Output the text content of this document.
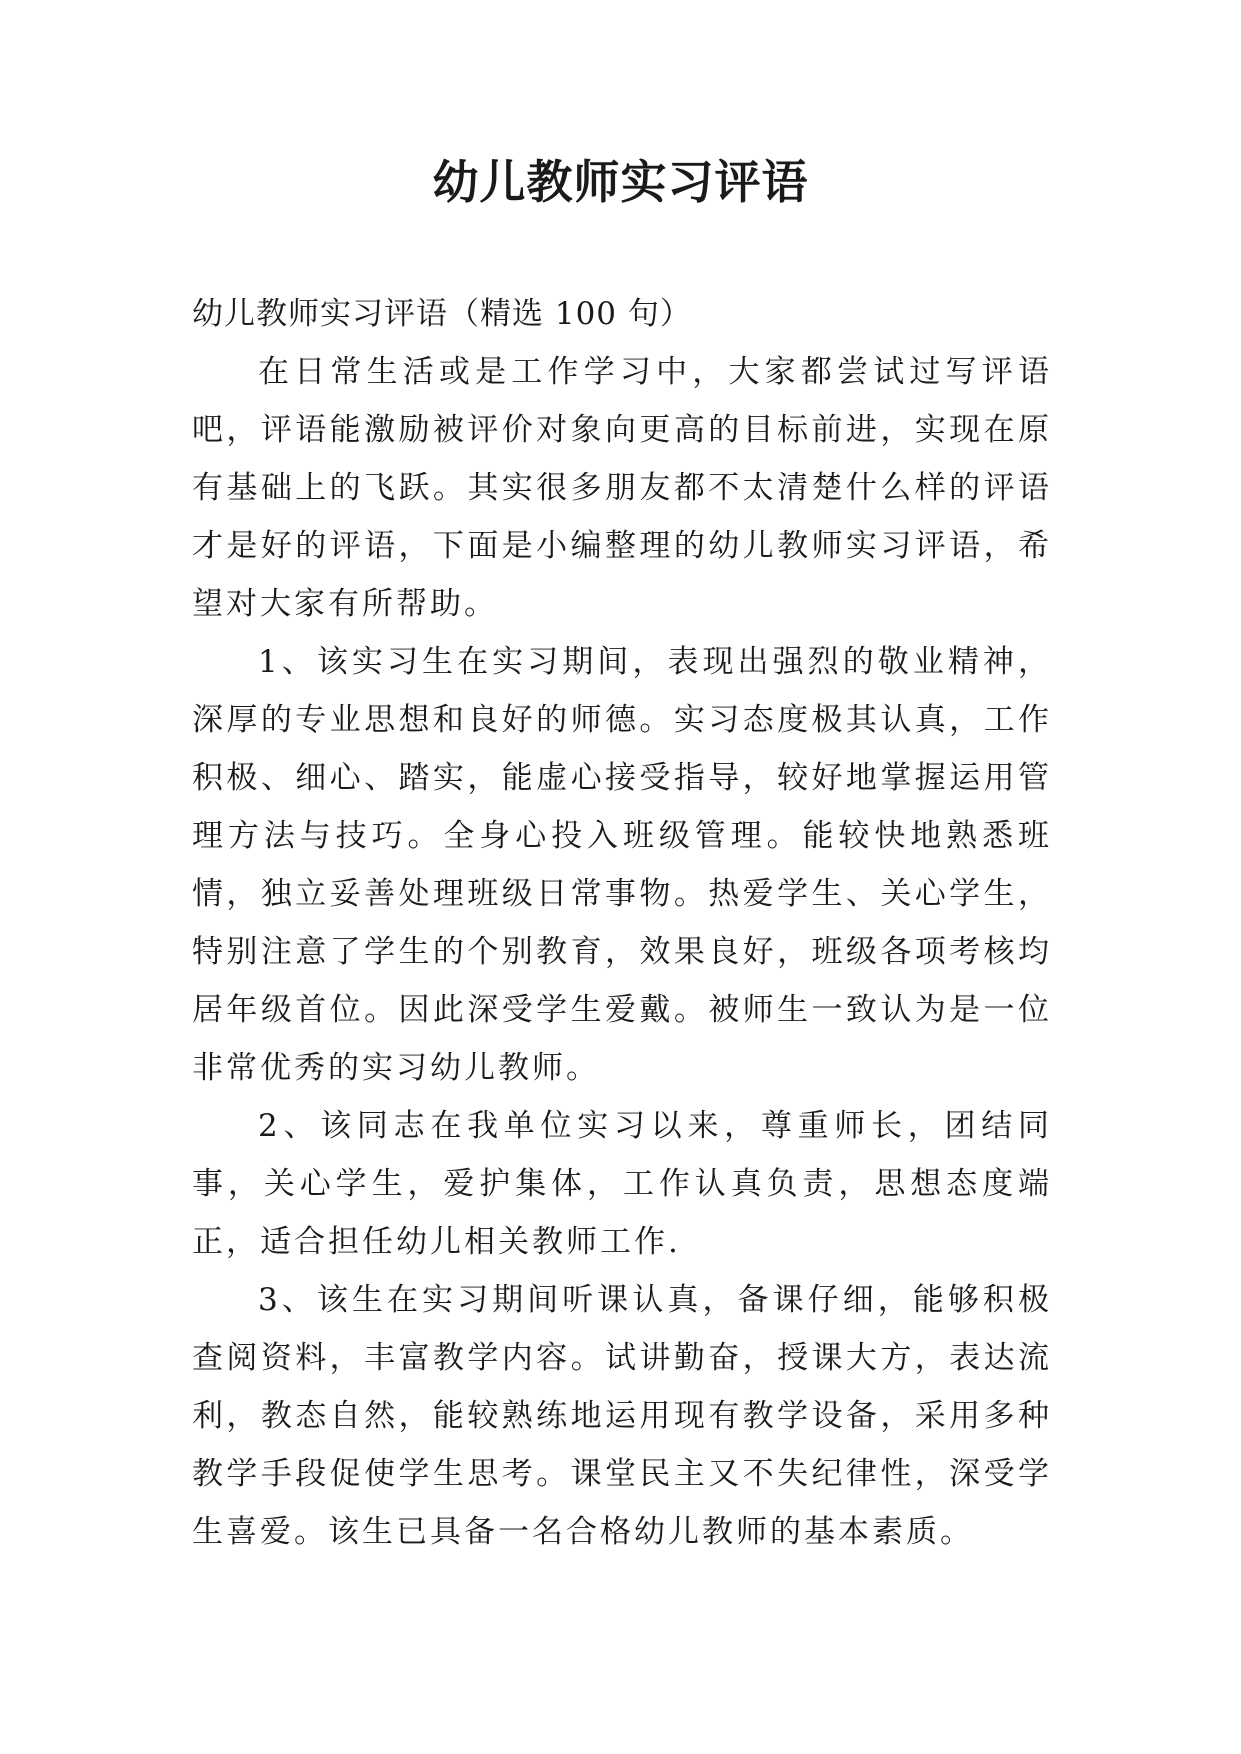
幼儿教师实习评语

幼儿教师实习评语（精选 100 句）

在日常生活或是工作学习中，大家都尝试过写评语吧，评语能激励被评价对象向更高的目标前进，实现在原有基础上的飞跃。其实很多朋友都不太清楚什么样的评语才是好的评语，下面是小编整理的幼儿教师实习评语，希望对大家有所帮助。

1、该实习生在实习期间，表现出强烈的敬业精神，深厚的专业思想和良好的师德。实习态度极其认真，工作积极、细心、踏实，能虚心接受指导，较好地掌握运用管理方法与技巧。全身心投入班级管理。能较快地熟悉班情，独立妥善处理班级日常事物。热爱学生、关心学生，特别注意了学生的个别教育，效果良好，班级各项考核均居年级首位。因此深受学生爱戴。被师生一致认为是一位非常优秀的实习幼儿教师。

2、该同志在我单位实习以来，尊重师长，团结同事，关心学生，爱护集体，工作认真负责，思想态度端正，适合担任幼儿相关教师工作.

3、该生在实习期间听课认真，备课仔细，能够积极查阅资料，丰富教学内容。试讲勤奋，授课大方，表达流利，教态自然，能较熟练地运用现有教学设备，采用多种教学手段促使学生思考。课堂民主又不失纪律性，深受学生喜爱。该生已具备一名合格幼儿教师的基本素质。
